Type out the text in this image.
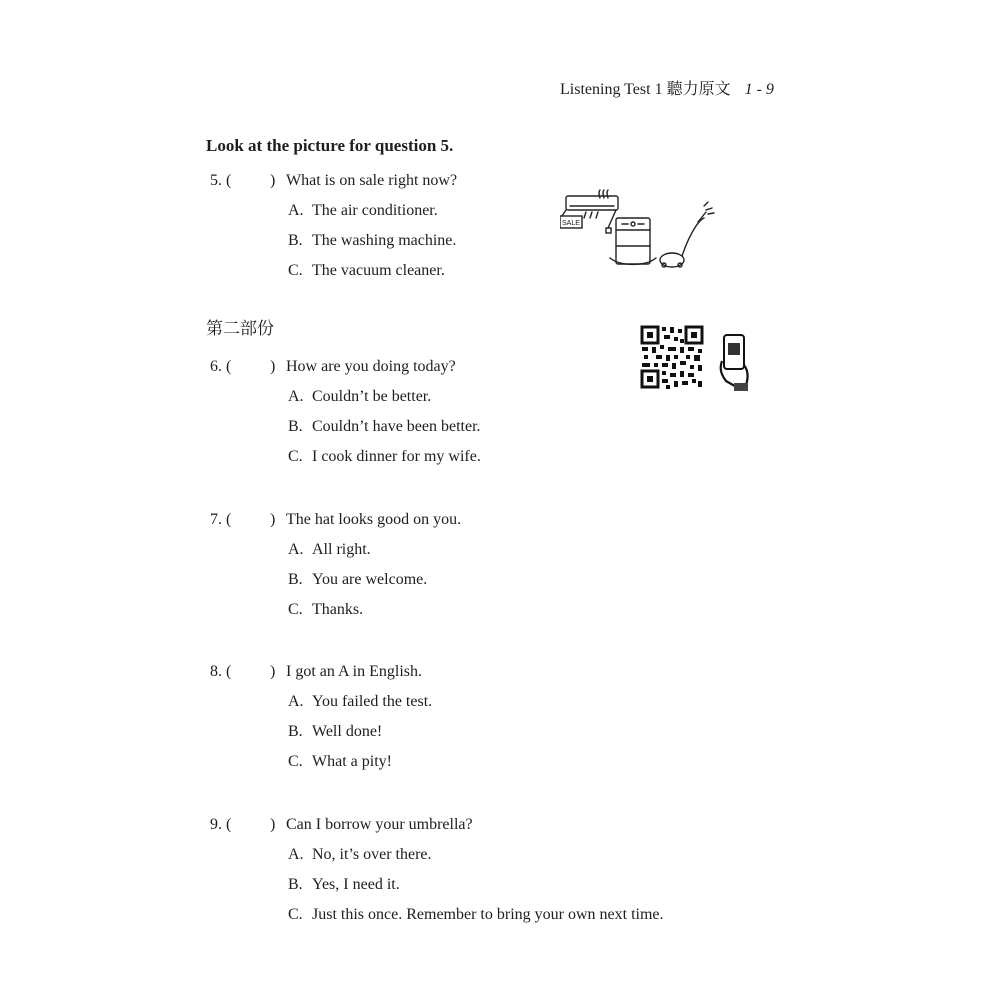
Listening Test 1 聽力原文 1 - 9
Look at the picture for question 5.
5. ( ) What is on sale right now?
A. The air conditioner.
B. The washing machine.
C. The vacuum cleaner.
SALE
第二部份
6. ( ) How are you doing today?
A. Couldn’t be better.
B. Couldn’t have been better.
C. I cook dinner for my wife.
7. ( ) The hat looks good on you.
A. All right.
B. You are welcome.
C. Thanks.
8. ( ) I got an A in English.
A. You failed the test.
B. Well done!
C. What a pity!
9. ( ) Can I borrow your umbrella?
A. No, it’s over there.
B. Yes, I need it.
C. Just this once. Remember to bring your own next time.
